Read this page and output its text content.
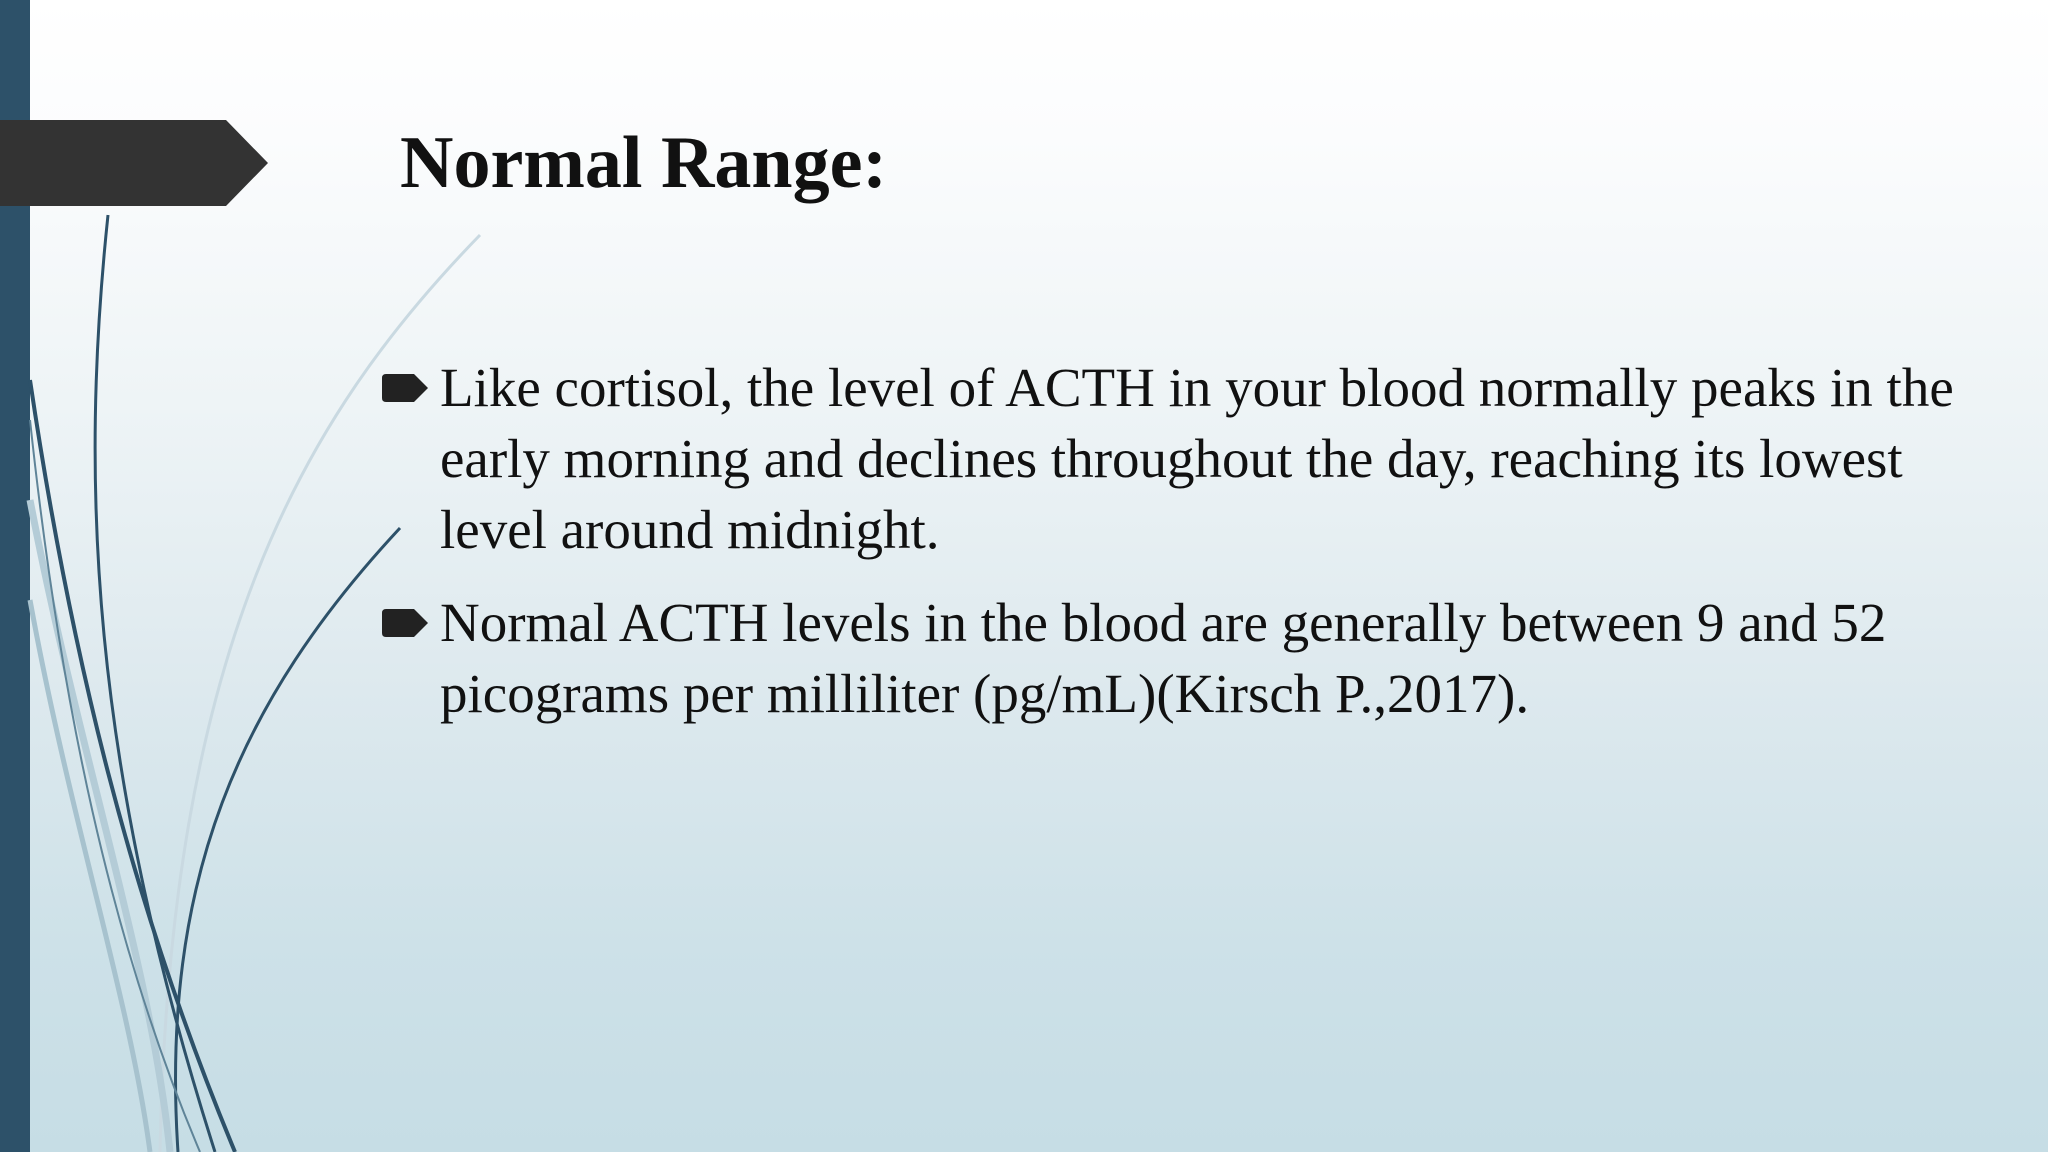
Normal Range:
Like cortisol, the level of ACTH in your blood normally peaks in the early morning and declines throughout the day, reaching its lowest level around midnight.
Normal ACTH levels in the blood are generally between 9 and 52 picograms per milliliter (pg/mL)(Kirsch P.,2017).
